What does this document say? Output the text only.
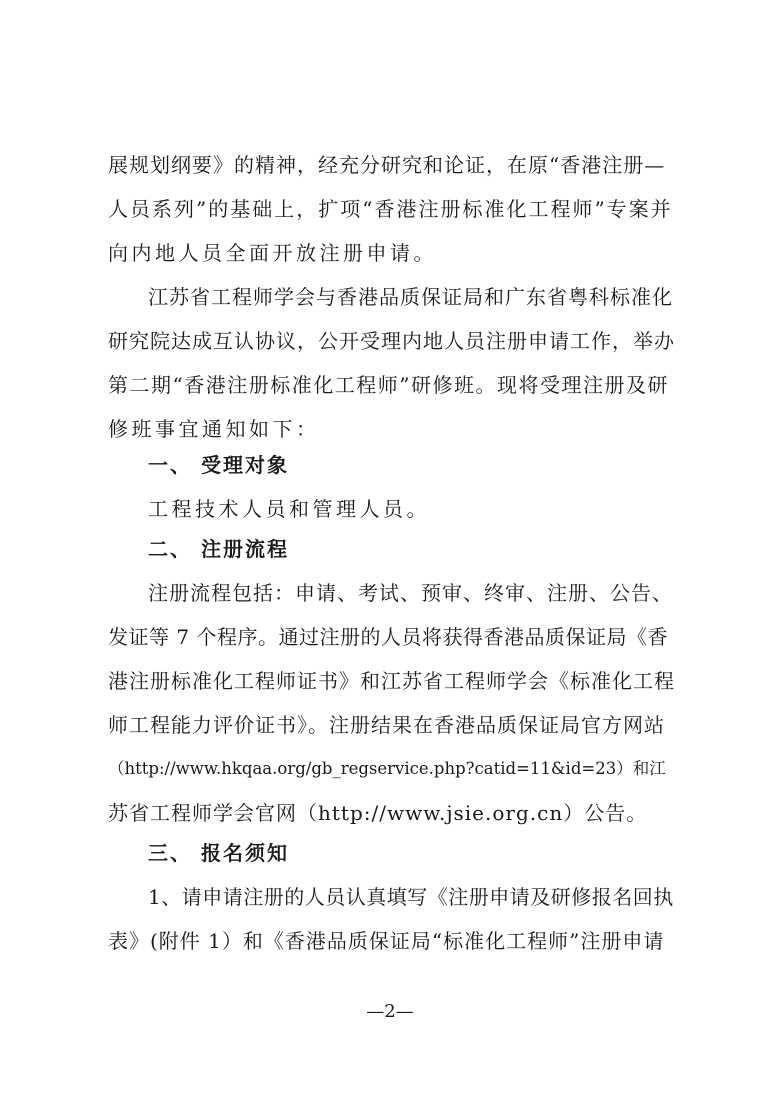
展规划纲要》的精神，经充分研究和论证，在原“香港注册—
人员系列”的基础上，扩项“香港注册标准化工程师”专案并
向内地人员全面开放注册申请。
江苏省工程师学会与香港品质保证局和广东省粤科标准化
研究院达成互认协议，公开受理内地人员注册申请工作，举办
第二期“香港注册标准化工程师”研修班。现将受理注册及研
修班事宜通知如下：
一、 受理对象
工程技术人员和管理人员。
二、 注册流程
注册流程包括：申请、考试、预审、终审、注册、公告、
发证等 7 个程序。通过注册的人员将获得香港品质保证局《香
港注册标准化工程师证书》和江苏省工程师学会《标准化工程
师工程能力评价证书》。注册结果在香港品质保证局官方网站
（http://www.hkqaa.org/gb_regservice.php?catid=11&id=23）和江
苏省工程师学会官网（http://www.jsie.org.cn）公告。
三、 报名须知
1、请申请注册的人员认真填写《注册申请及研修报名回执
表》(附件 1）和《香港品质保证局“标准化工程师”注册申请
—2—
